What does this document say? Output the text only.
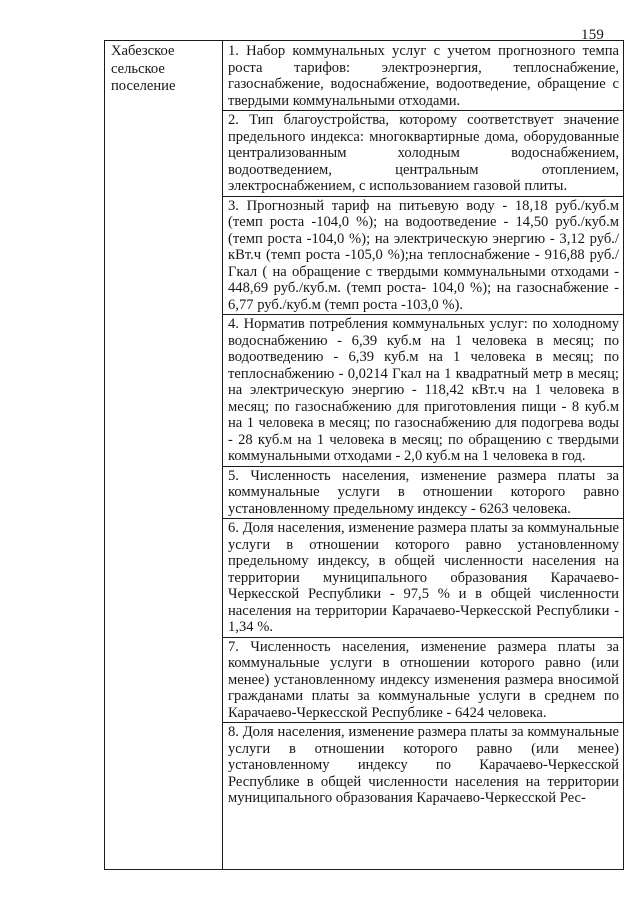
159
Хабезское
сельское
поселение

1. Набор коммунальных услуг с учетом прогнозного темпа роста тарифов: электроэнергия, теплоснабжение, газоснабжение, водоснабжение, водоотведение, обращение с твердыми коммунальными отходами.

2. Тип благоустройства, которому соответствует значение предельного индекса: многоквартирные дома, оборудованные централизованным холодным водоснабжением, водоотведением, центральным отоплением, электроснабжением, с использованием газовой плиты.

3. Прогнозный тариф на питьевую воду - 18,18 руб./куб.м (темп роста -104,0 %); на водоотведение - 14,50 руб./куб.м (темп роста -104,0 %); на электрическую энергию - 3,12 руб./кВт.ч (темп роста -105,0 %);на теплоснабжение - 916,88 руб./Гкал ( на обращение с твердыми коммунальными отходами - 448,69 руб./куб.м. (темп роста- 104,0 %); на газоснабжение - 6,77 руб./куб.м (темп роста -103,0 %).

4. Норматив потребления коммунальных услуг: по холодному водоснабжению - 6,39 куб.м на 1 человека в месяц; по водоотведению - 6,39 куб.м на 1 человека в месяц; по теплоснабжению - 0,0214 Гкал на 1 квадратный метр в месяц; на электрическую энергию - 118,42 кВт.ч на 1 человека в месяц; по газоснабжению для приготовления пищи - 8 куб.м на 1 человека в месяц; по газоснабжению для подогрева воды - 28 куб.м на 1 человека в месяц; по обращению с твердыми коммунальными отходами - 2,0 куб.м на 1 человека в год.

5. Численность населения, изменение размера платы за коммунальные услуги в отношении которого равно установленному предельному индексу - 6263 человека.

6. Доля населения, изменение размера платы за коммунальные услуги в отношении которого равно установленному предельному индексу, в общей численности населения на территории муниципального образования Карачаево-Черкесской Республики - 97,5 % и в общей численности населения на территории Карачаево-Черкесской Республики - 1,34 %.

7. Численность населения, изменение размера платы за коммунальные услуги в отношении которого равно (или менее) установленному индексу изменения размера вносимой гражданами платы за коммунальные услуги в среднем по Карачаево-Черкесской Республике - 6424 человека.

8. Доля населения, изменение размера платы за коммунальные услуги в отношении которого равно (или менее) установленному индексу по Карачаево-Черкесской Республике в общей численности населения на территории муниципального образования Карачаево-Черкесской Рес-
